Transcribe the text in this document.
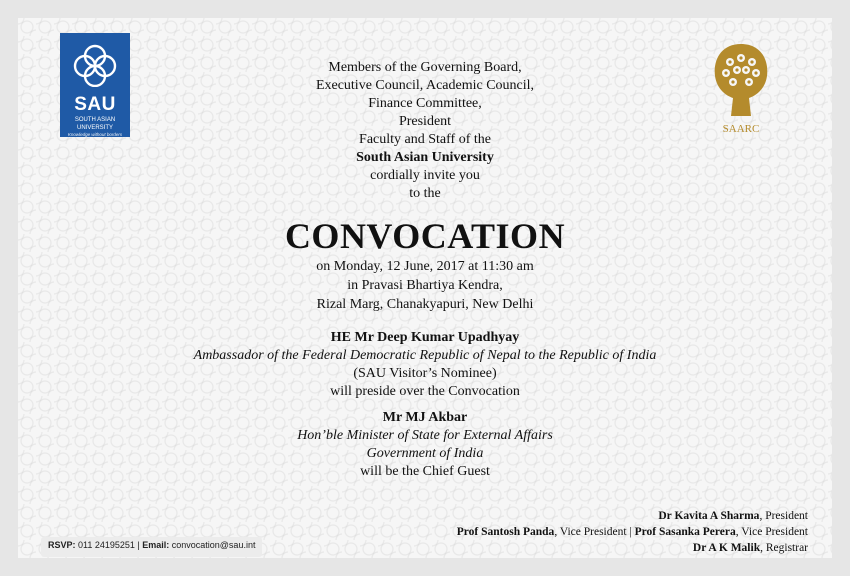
SAU
SOUTH ASIAN
UNIVERSITY
Knowledge without borders	SAARC
Members of the Governing Board,
Executive Council, Academic Council,
Finance Committee,
President
Faculty and Staff of the
South Asian University
cordially invite you
to the
CONVOCATION
on Monday, 12 June, 2017 at 11:30 am
in Pravasi Bhartiya Kendra,
Rizal Marg, Chanakyapuri, New Delhi
HE Mr Deep Kumar Upadhyay
Ambassador of the Federal Democratic Republic of Nepal to the Republic of India
(SAU Visitor’s Nominee)
will preside over the Convocation
Mr MJ Akbar
Hon’ble Minister of State for External Affairs
Government of India
will be the Chief Guest
Dr Kavita A Sharma, President
Prof Santosh Panda, Vice President | Prof Sasanka Perera, Vice President
Dr A K Malik, Registrar
RSVP: 011 24195251 | Email: convocation@sau.int
